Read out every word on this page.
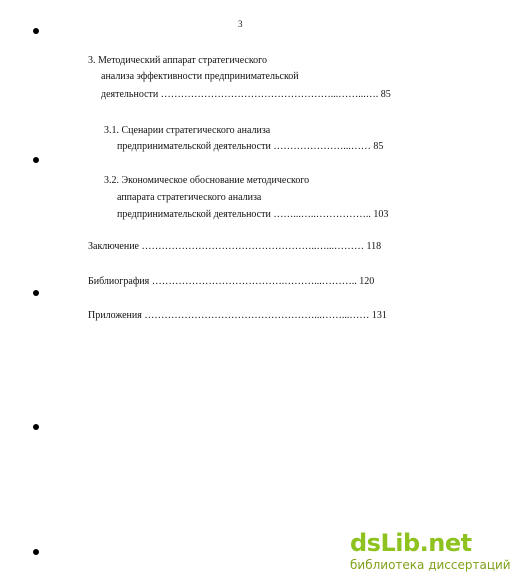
3
3. Методический аппарат стратегического
анализа эффективности предпринимательской
деятельности ……………………………………………...……...…. 85
3.1. Сценарии стратегического анализа
предпринимательской деятельности …………………...…… 85
3.2. Экономическое обоснование методического
аппарата стратегического анализа
предпринимательской деятельности ……...…..…………….. 103
Заключение ……………………………………………..…...……… 118
Библиография ………………………………….………...……….. 120
Приложения ……………………………………………...……...…… 131
dsLib.net
библиотека диссертаций
